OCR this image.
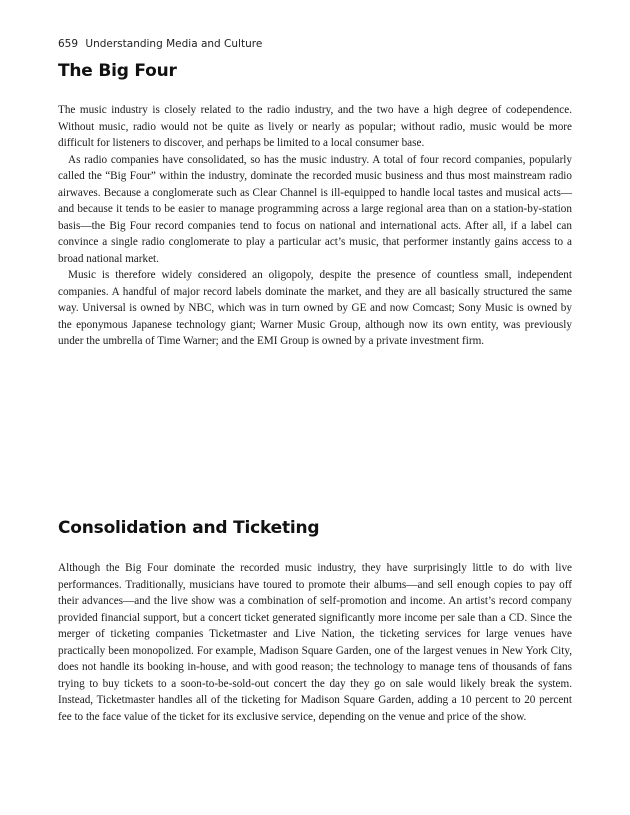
659 Understanding Media and Culture
The Big Four

The music industry is closely related to the radio industry, and the two have a high degree of codependence. Without music, radio would not be quite as lively or nearly as popular; without radio, music would be more difficult for listeners to discover, and perhaps be limited to a local consumer base.

As radio companies have consolidated, so has the music industry. A total of four record companies, popularly called the “Big Four” within the industry, dominate the recorded music business and thus most mainstream radio airwaves. Because a conglomerate such as Clear Channel is ill-equipped to handle local tastes and musical acts—and because it tends to be easier to manage programming across a large regional area than on a station-by-station basis—the Big Four record companies tend to focus on national and international acts. After all, if a label can convince a single radio conglomerate to play a particular act’s music, that performer instantly gains access to a broad national market.

Music is therefore widely considered an oligopoly, despite the presence of countless small, independent companies. A handful of major record labels dominate the market, and they are all basically structured the same way. Universal is owned by NBC, which was in turn owned by GE and now Comcast; Sony Music is owned by the eponymous Japanese technology giant; Warner Music Group, although now its own entity, was previously under the umbrella of Time Warner; and the EMI Group is owned by a private investment firm.

Consolidation and Ticketing

Although the Big Four dominate the recorded music industry, they have surprisingly little to do with live performances. Traditionally, musicians have toured to promote their albums—and sell enough copies to pay off their advances—and the live show was a combination of self-promotion and income. An artist’s record company provided financial support, but a concert ticket generated significantly more income per sale than a CD. Since the merger of ticketing companies Ticketmaster and Live Nation, the ticketing services for large venues have practically been monopolized. For example, Madison Square Garden, one of the largest venues in New York City, does not handle its booking in-house, and with good reason; the technology to manage tens of thousands of fans trying to buy tickets to a soon-to-be-sold-out concert the day they go on sale would likely break the system. Instead, Ticketmaster handles all of the ticketing for Madison Square Garden, adding a 10 percent to 20 percent fee to the face value of the ticket for its exclusive service, depending on the venue and price of the show.
